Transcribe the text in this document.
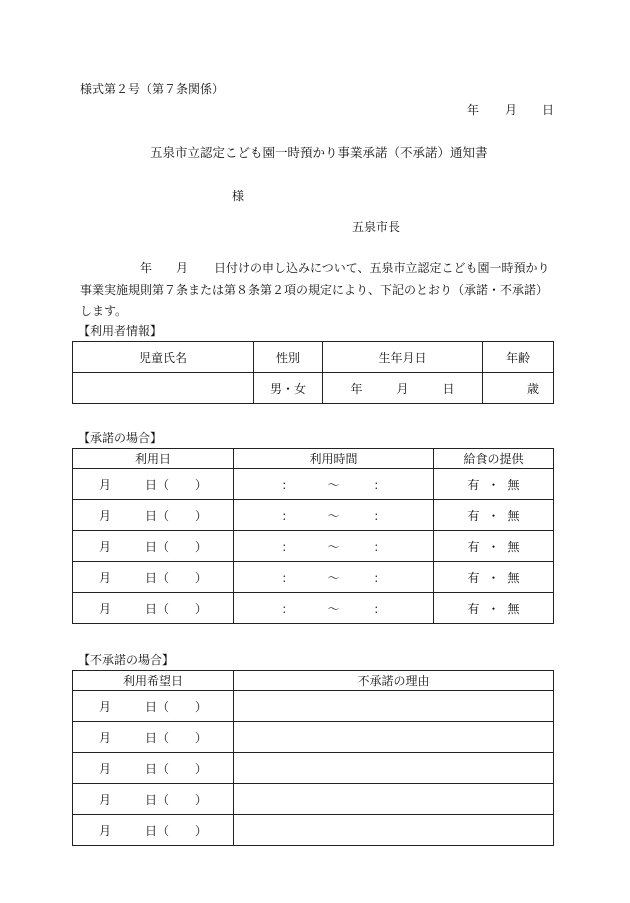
様式第２号（第７条関係）
年 月 日
五泉市立認定こども園一時預かり事業承諾（不承諾）通知書
様
五泉市長
年 月 日付けの申し込みについて、五泉市立認定こども園一時預かり事業実施規則第７条または第８条第２項の規定により、下記のとおり（承諾・不承諾）します。
【利用者情報】
児童氏名	性別	生年月日	年齢
	男・女	年 月 日	歳
【承諾の場合】
利用日	利用時間	給食の提供
月 日（ ）	： ～ ：	有 ・ 無
月 日（ ）	： ～ ：	有 ・ 無
月 日（ ）	： ～ ：	有 ・ 無
月 日（ ）	： ～ ：	有 ・ 無
月 日（ ）	： ～ ：	有 ・ 無
【不承諾の場合】
利用希望日	不承諾の理由
月 日（ ）	
月 日（ ）	
月 日（ ）	
月 日（ ）	
月 日（ ）	
